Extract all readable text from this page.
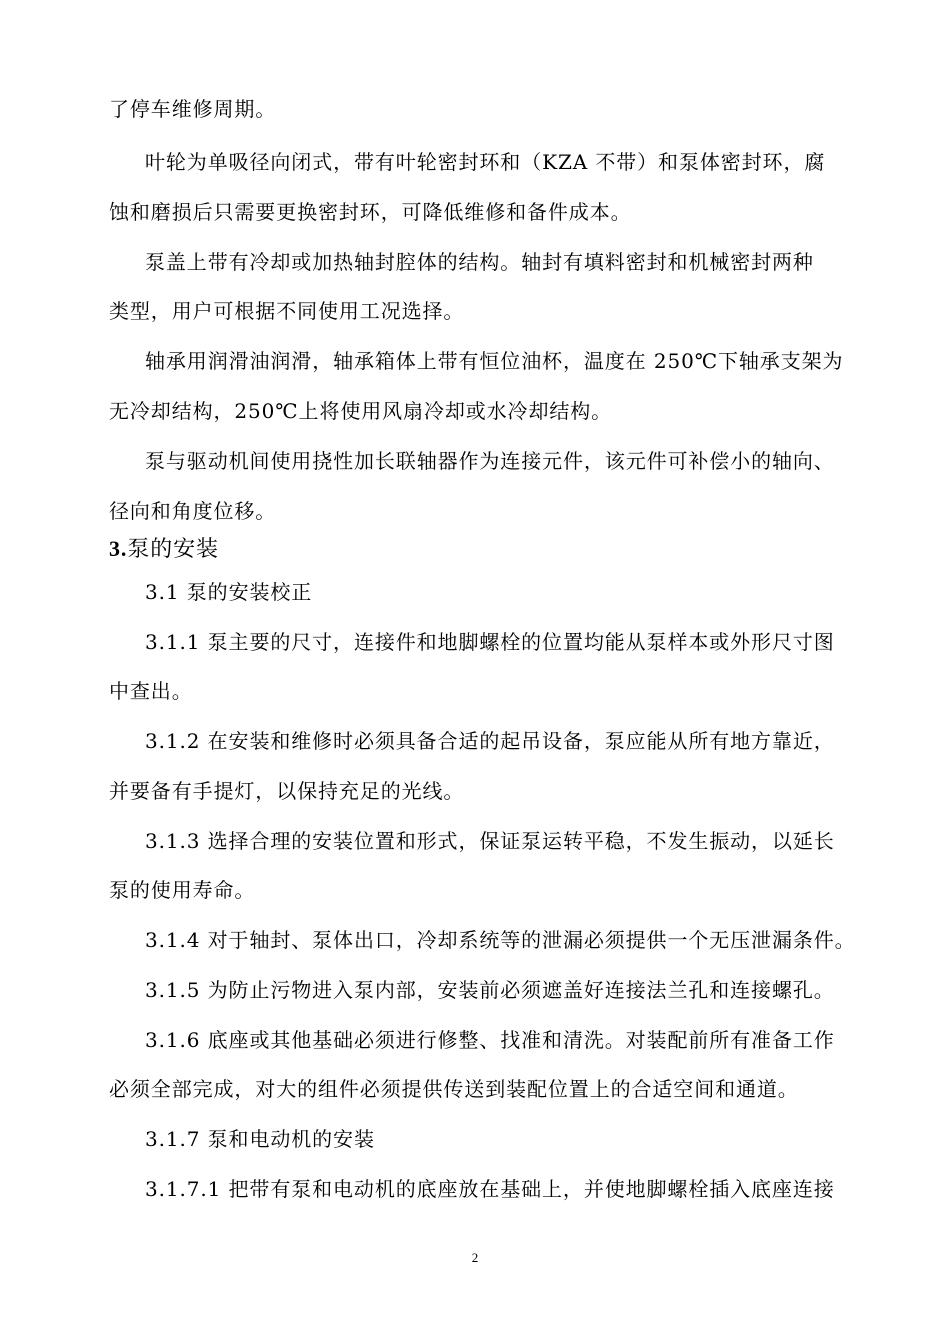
了停车维修周期。
叶轮为单吸径向闭式，带有叶轮密封环和（KZA 不带）和泵体密封环，腐
蚀和磨损后只需要更换密封环，可降低维修和备件成本。
泵盖上带有冷却或加热轴封腔体的结构。轴封有填料密封和机械密封两种
类型，用户可根据不同使用工况选择。
轴承用润滑油润滑，轴承箱体上带有恒位油杯，温度在 250℃下轴承支架为
无冷却结构，250℃上将使用风扇冷却或水冷却结构。
泵与驱动机间使用挠性加长联轴器作为连接元件，该元件可补偿小的轴向、
径向和角度位移。
3.泵的安装
3.1 泵的安装校正
3.1.1 泵主要的尺寸，连接件和地脚螺栓的位置均能从泵样本或外形尺寸图
中查出。
3.1.2 在安装和维修时必须具备合适的起吊设备，泵应能从所有地方靠近，
并要备有手提灯，以保持充足的光线。
3.1.3 选择合理的安装位置和形式，保证泵运转平稳，不发生振动，以延长
泵的使用寿命。
3.1.4 对于轴封、泵体出口，冷却系统等的泄漏必须提供一个无压泄漏条件。
3.1.5 为防止污物进入泵内部，安装前必须遮盖好连接法兰孔和连接螺孔。
3.1.6 底座或其他基础必须进行修整、找准和清洗。对装配前所有准备工作
必须全部完成，对大的组件必须提供传送到装配位置上的合适空间和通道。
3.1.7 泵和电动机的安装
3.1.7.1 把带有泵和电动机的底座放在基础上，并使地脚螺栓插入底座连接
2
